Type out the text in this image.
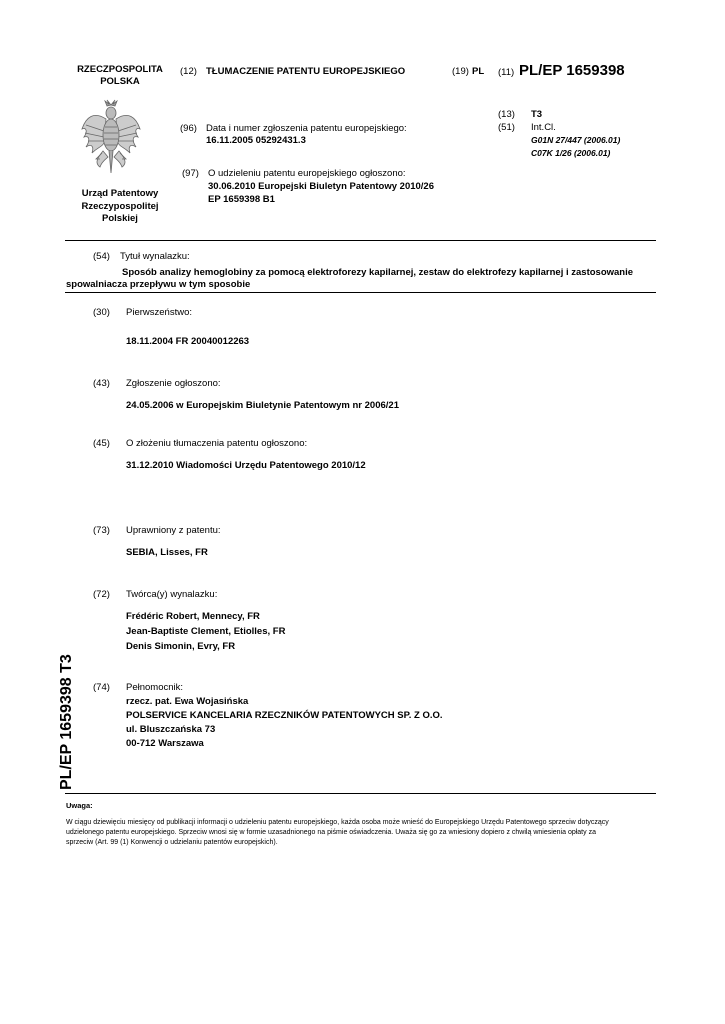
RZECZPOSPOLITA
POLSKA
Urząd Patentowy
Rzeczypospolitej
Polskiej
(12) TŁUMACZENIE PATENTU EUROPEJSKIEGO	(19) PL (11) PL/EP 1659398
(13) T3
(51) Int.Cl.
G01N 27/447 (2006.01)
C07K 1/26 (2006.01)
(96) Data i numer zgłoszenia patentu europejskiego:
16.11.2005 05292431.3
(97) O udzieleniu patentu europejskiego ogłoszono:
30.06.2010 Europejski Biuletyn Patentowy 2010/26
EP 1659398 B1
(54) Tytuł wynalazku:
Sposób analizy hemoglobiny za pomocą elektroforezy kapilarnej, zestaw do elektrofezy kapilarnej i zastosowanie
spowalniacza przepływu w tym sposobie
(30) Pierwszeństwo:
18.11.2004 FR 20040012263
(43) Zgłoszenie ogłoszono:
24.05.2006 w Europejskim Biuletynie Patentowym nr 2006/21
(45) O złożeniu tłumaczenia patentu ogłoszono:
31.12.2010 Wiadomości Urzędu Patentowego 2010/12
(73) Uprawniony z patentu:
SEBIA, Lisses, FR
(72) Twórca(y) wynalazku:
Frédéric Robert, Mennecy, FR
Jean-Baptiste Clement, Etiolles, FR
Denis Simonin, Evry, FR
(74) Pełnomocnik:
rzecz. pat. Ewa Wojasińska
POLSERVICE KANCELARIA RZECZNIKÓW PATENTOWYCH SP. Z O.O.
ul. Bluszczańska 73
00-712 Warszawa
PL/EP 1659398 T3
Uwaga:
W ciągu dziewięciu miesięcy od publikacji informacji o udzieleniu patentu europejskiego, każda osoba może wnieść do Europejskiego Urzędu Patentowego sprzeciw dotyczący
udzielonego patentu europejskiego. Sprzeciw wnosi się w formie uzasadnionego na piśmie oświadczenia. Uważa się go za wniesiony dopiero z chwilą wniesienia opłaty za
sprzeciw (Art. 99 (1) Konwencji o udzielaniu patentów europejskich).
